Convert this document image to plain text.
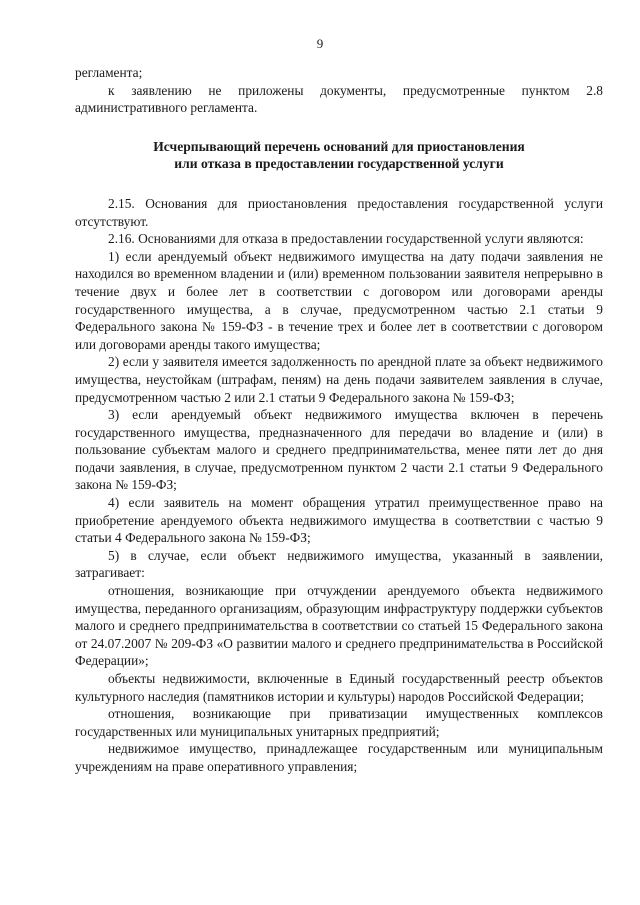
9

регламента;

к заявлению не приложены документы, предусмотренные пунктом 2.8 административного регламента.

Исчерпывающий перечень оснований для приостановления
или отказа в предоставлении государственной услуги

2.15. Основания для приостановления предоставления государственной услуги отсутствуют.

2.16. Основаниями для отказа в предоставлении государственной услуги являются:

1) если арендуемый объект недвижимого имущества на дату подачи заявления не находился во временном владении и (или) временном пользовании заявителя непрерывно в течение двух и более лет в соответствии с договором или договорами аренды государственного имущества, а в случае, предусмотренном частью 2.1 статьи 9 Федерального закона № 159-ФЗ - в течение трех и более лет в соответствии с договором или договорами аренды такого имущества;

2) если у заявителя имеется задолженность по арендной плате за объект недвижимого имущества, неустойкам (штрафам, пеням) на день подачи заявителем заявления в случае, предусмотренном частью 2 или 2.1 статьи 9 Федерального закона № 159-ФЗ;

3) если арендуемый объект недвижимого имущества включен в перечень государственного имущества, предназначенного для передачи во владение и (или) в пользование субъектам малого и среднего предпринимательства, менее пяти лет до дня подачи заявления, в случае, предусмотренном пунктом 2 части 2.1 статьи 9 Федерального закона № 159-ФЗ;

4) если заявитель на момент обращения утратил преимущественное право на приобретение арендуемого объекта недвижимого имущества в соответствии с частью 9 статьи 4 Федерального закона № 159-ФЗ;

5) в случае, если объект недвижимого имущества, указанный в заявлении, затрагивает:

отношения, возникающие при отчуждении арендуемого объекта недвижимого имущества, переданного организациям, образующим инфраструктуру поддержки субъектов малого и среднего предпринимательства в соответствии со статьей 15 Федерального закона от 24.07.2007 № 209-ФЗ «О развитии малого и среднего предпринимательства в Российской Федерации»;

объекты недвижимости, включенные в Единый государственный реестр объектов культурного наследия (памятников истории и культуры) народов Российской Федерации;

отношения, возникающие при приватизации имущественных комплексов государственных или муниципальных унитарных предприятий;

недвижимое имущество, принадлежащее государственным или муниципальным учреждениям на праве оперативного управления;
